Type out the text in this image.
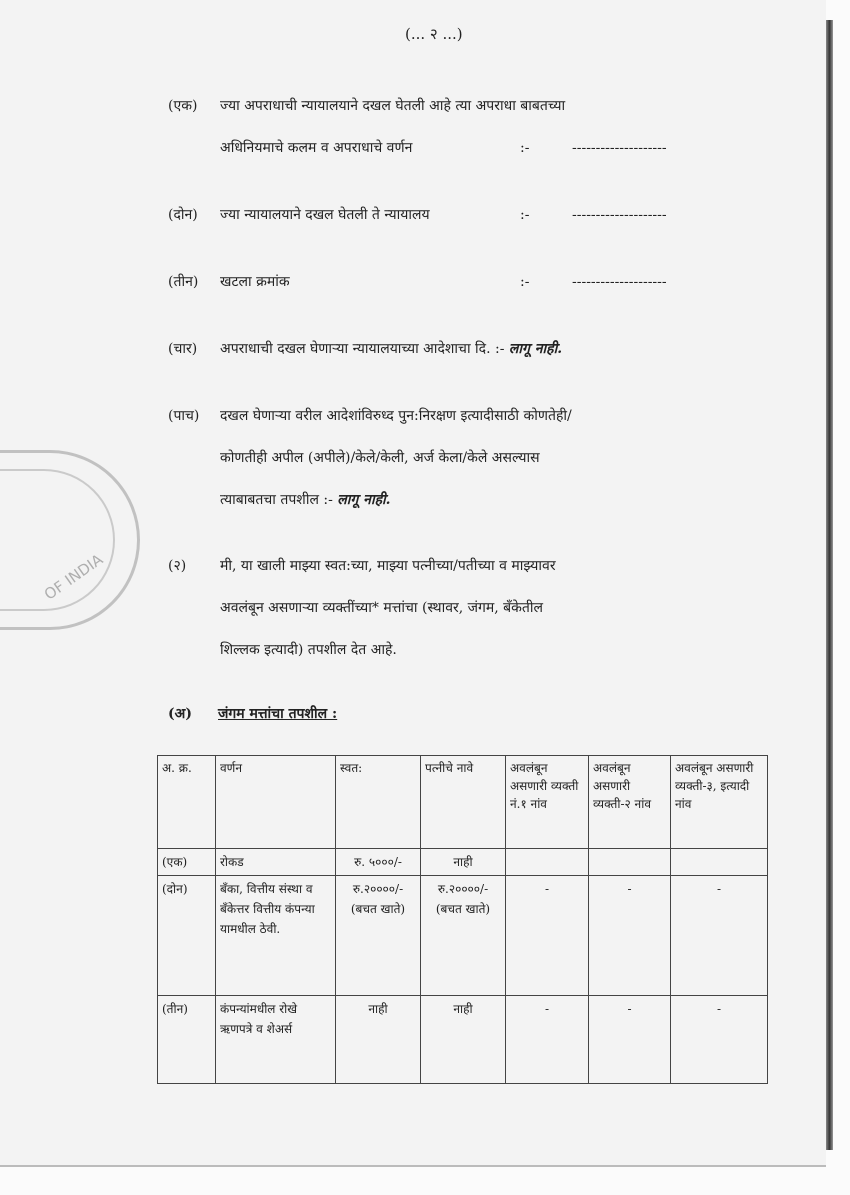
OF INDIA
(... २ ...)
(एक) ज्या अपराधाची न्यायालयाने दखल घेतली आहे त्या अपराधा बाबतच्या
अधिनियमाचे कलम व अपराधाचे वर्णन	:-	--------------------
(दोन) ज्या न्यायालयाने दखल घेतली ते न्यायालय	:-	--------------------
(तीन) खटला क्रमांक	:-	--------------------
(चार) अपराधाची दखल घेणाऱ्या न्यायालयाच्या आदेशाचा दि. :- लागू नाही.
(पाच) दखल घेणाऱ्या वरील आदेशांविरुध्द पुन:निरक्षण इत्यादीसाठी कोणतेही/
कोणतीही अपील (अपीले)/केले/केली, अर्ज केला/केले असल्यास
त्याबाबतचा तपशील :- लागू नाही.
(२) मी, या खाली माझ्या स्वत:च्या, माझ्या पत्नीच्या/पतीच्या व माझ्यावर
अवलंबून असणाऱ्या व्यक्तींच्या* मत्तांचा (स्थावर, जंगम, बँकेतील
शिल्लक इत्यादी) तपशील देत आहे.
(अ) जंगम मत्तांचा तपशील :
अ. क्र.	वर्णन	स्वत:	पत्नीचे नावे	अवलंबून असणारी व्यक्ती नं.१ नांव	अवलंबून असणारी व्यक्ती-२ नांव	अवलंबून असणारी व्यक्ती-३, इत्यादी नांव
(एक)	रोकड	रु. ५०००/-	नाही			
(दोन)	बँका, वित्तीय संस्था व बँकेत्तर वित्तीय कंपन्या यामधील ठेवी.	रु.२००००/- (बचत खाते)	रु.२००००/- (बचत खाते)	-	-	-
(तीन)	कंपन्यांमधील रोखे ऋणपत्रे व शेअर्स	नाही	नाही	-	-	-
